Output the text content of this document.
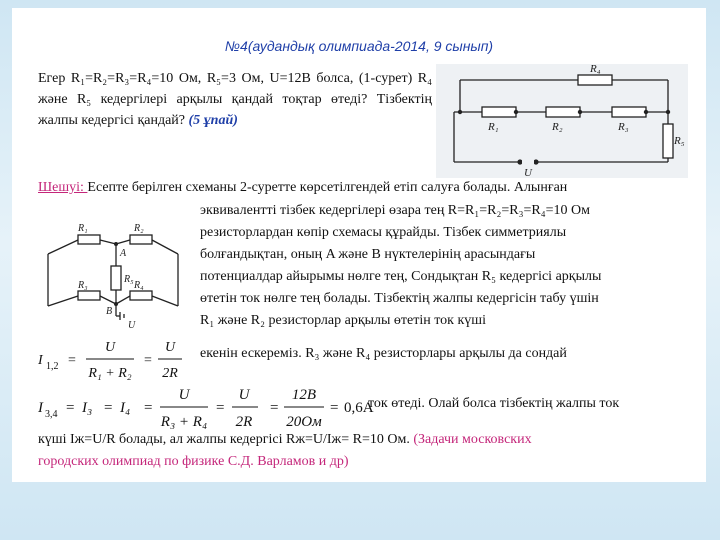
№4(аудандық олимпиада-2014, 9 сынып)
Егер R₁=R₂=R₃=R₄=10 Ом, R₅=3 Ом, U=12В болса, (1-сурет) R₄ және R₅ кедергілері арқылы қандай тоқтар өтеді? Тізбектің жалпы кедергісі қандай? (5 ұпай)
R₄
R₁	R₂	R₃
R₅
U
Шешуі: Есепте берілген схеманы 2-суретте көрсетілгендей етіп салуға болады. Алынған
эквиваленттi тізбек кедергілері өзара тең R=R₁=R₂=R₃=R₄=10 Ом
резисторлардан көпір схемасы құрайды. Тізбек симметриялы
болғандықтан, оның A және B нүктелерінің арасындағы
потенциалдар айырымы нөлге тең, Сондықтан R₅ кедергісі арқылы
өтетін ток нөлге тең болады. Тізбектің жалпы кедергісін табу үшін
R₁ және R₂ резисторлар арқылы өтетін ток күші
R₁
A
R₂
R₅
R₃
B
R₄
U
I 1,2 =
U
R₁ + R₂
=
U
2R
екенін ескереміз. R₃ және R₄ резисторлары арқылы да сондай
I 3,4 = I₃ = I₄ =
U
R₃ + R₄
=
U
2R
=
12В
20Ом
= 0,6A
ток өтеді. Олай болса тізбектің жалпы ток
күші Iж=U/R болады, ал жалпы кедергісі Rж=U/Iж= R=10 Ом. (Задачи московских
городских олимпиад по физике С.Д. Варламов и др)
